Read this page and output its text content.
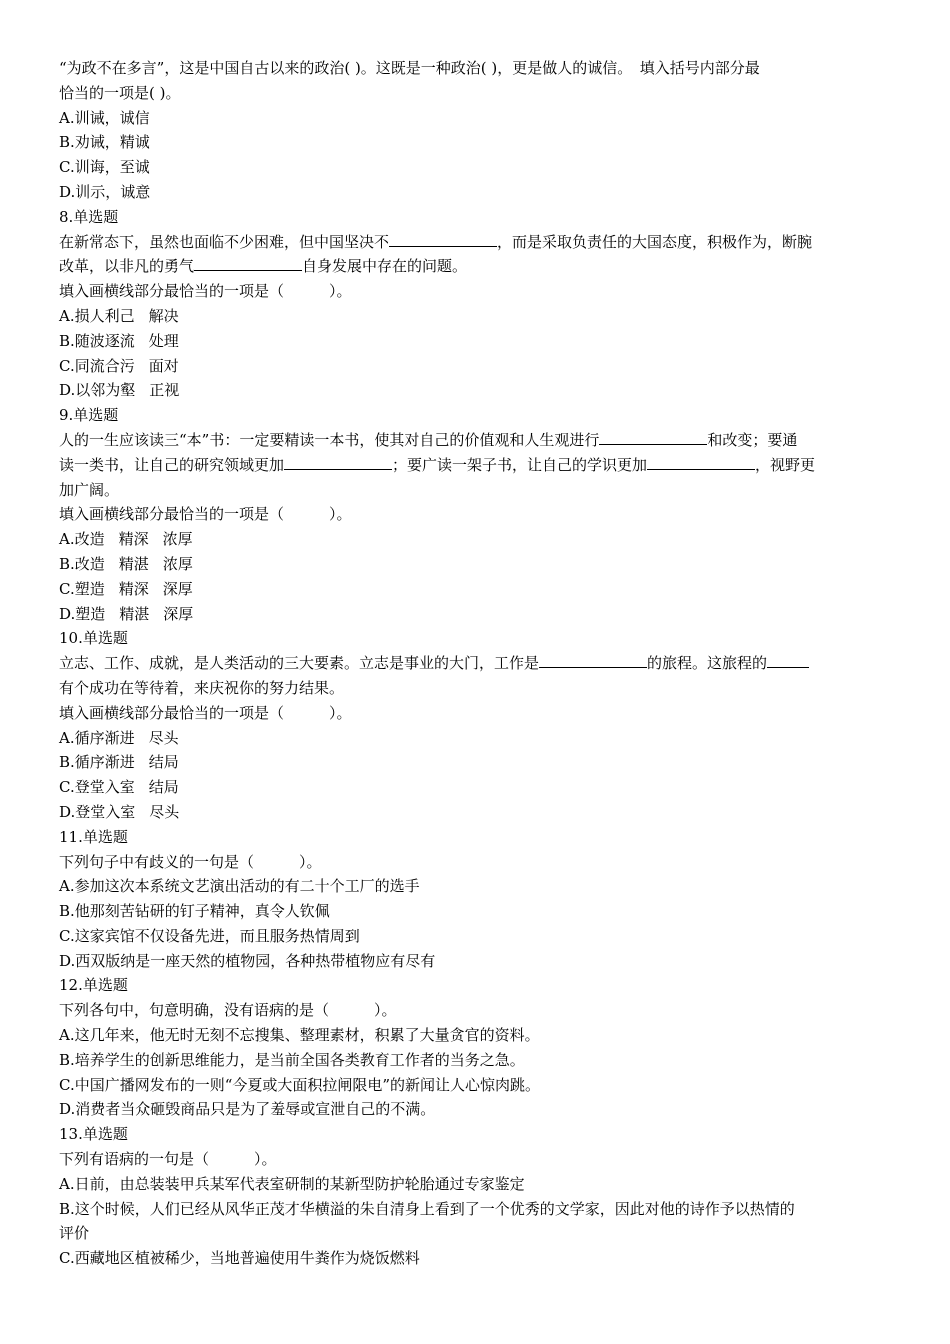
“为政不在多言”，这是中国自古以来的政治( )。这既是一种政治( )，更是做人的诚信。　填入括号内部分最
恰当的一项是( )。
A.训诫，诚信
B.劝诫，精诚
C.训诲，至诚
D.训示，诚意
8.单选题
在新常态下，虽然也面临不少困难，但中国坚决不	，而是采取负责任的大国态度，积极作为，断腕
改革，以非凡的勇气	自身发展中存在的问题。
填入画横线部分最恰当的一项是（　　　）。
A.损人利己 解决
B.随波逐流 处理
C.同流合污 面对
D.以邻为壑 正视
9.单选题
人的一生应该读三“本”书：一定要精读一本书，使其对自己的价值观和人生观进行	和改变；要通
读一类书，让自己的研究领域更加	；要广读一架子书，让自己的学识更加	，视野更
加广阔。
填入画横线部分最恰当的一项是（　　　）。
A.改造 精深 浓厚
B.改造 精湛 浓厚
C.塑造 精深 深厚
D.塑造 精湛 深厚
10.单选题
立志、工作、成就，是人类活动的三大要素。立志是事业的大门，工作是	的旅程。这旅程的
有个成功在等待着，来庆祝你的努力结果。
填入画横线部分最恰当的一项是（　　　）。
A.循序渐进 尽头
B.循序渐进 结局
C.登堂入室 结局
D.登堂入室 尽头
11.单选题
下列句子中有歧义的一句是（　　　）。
A.参加这次本系统文艺演出活动的有二十个工厂的选手
B.他那刻苦钻研的钉子精神，真令人钦佩
C.这家宾馆不仅设备先进，而且服务热情周到
D.西双版纳是一座天然的植物园，各种热带植物应有尽有
12.单选题
下列各句中，句意明确，没有语病的是（　　　）。
A.这几年来，他无时无刻不忘搜集、整理素材，积累了大量贪官的资料。
B.培养学生的创新思维能力，是当前全国各类教育工作者的当务之急。
C.中国广播网发布的一则“今夏或大面积拉闸限电”的新闻让人心惊肉跳。
D.消费者当众砸毁商品只是为了羞辱或宣泄自己的不满。
13.单选题
下列有语病的一句是（　　　）。
A.日前，由总装装甲兵某军代表室研制的某新型防护轮胎通过专家鉴定
B.这个时候，人们已经从风华正茂才华横溢的朱自清身上看到了一个优秀的文学家，因此对他的诗作予以热情的
评价
C.西藏地区植被稀少，当地普遍使用牛粪作为烧饭燃料
